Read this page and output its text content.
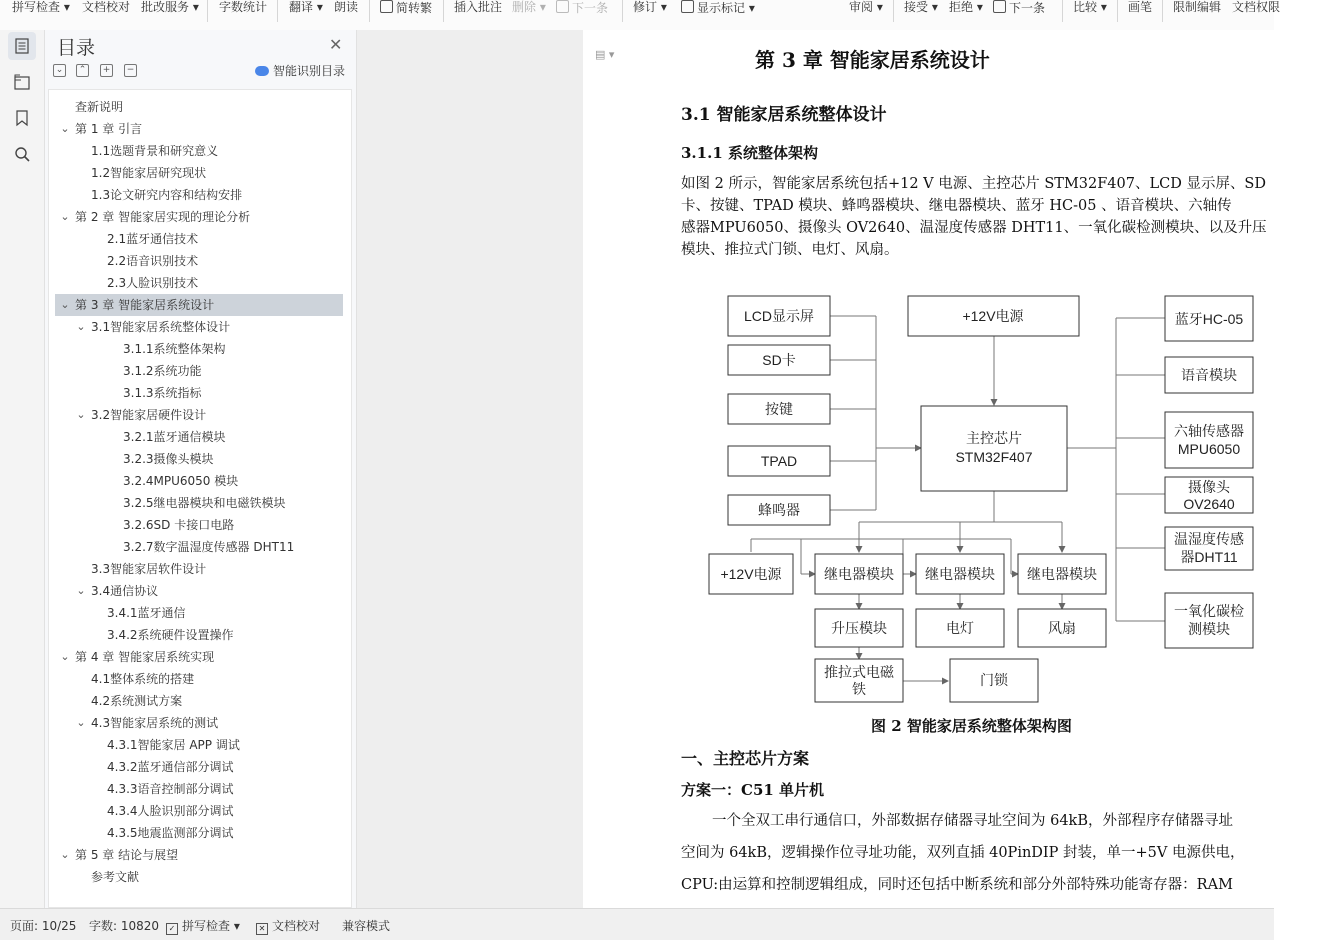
拼写检查 ▾ 文档校对 批改服务 ▾ 字数统计 翻译 ▾ 朗读	简转繁 插入批注 删除 ▾	下一条 修订 ▾	显示标记 ▾	审阅 ▾ 接受 ▾ 拒绝 ▾	下一条 比较 ▾ 画笔 限制编辑 文档权限
目录	✕
⌄	⌃	+	−	智能识别目录
查新说明
⌄ 第 1 章 引言
1.1选题背景和研究意义
1.2智能家居研究现状
1.3论文研究内容和结构安排
⌄ 第 2 章 智能家居实现的理论分析
2.1蓝牙通信技术
2.2语音识别技术
2.3人脸识别技术
⌄ 第 3 章 智能家居系统设计
⌄ 3.1智能家居系统整体设计
3.1.1系统整体架构
3.1.2系统功能
3.1.3系统指标
⌄ 3.2智能家居硬件设计
3.2.1蓝牙通信模块
3.2.3摄像头模块
3.2.4MPU6050 模块
3.2.5继电器模块和电磁铁模块
3.2.6SD 卡接口电路
3.2.7数字温湿度传感器 DHT11
3.3智能家居软件设计
⌄ 3.4通信协议
3.4.1蓝牙通信
3.4.2系统硬件设置操作
⌄ 第 4 章 智能家居系统实现
4.1整体系统的搭建
4.2系统测试方案
⌄ 4.3智能家居系统的测试
4.3.1智能家居 APP 调试
4.3.2蓝牙通信部分调试
4.3.3语音控制部分调试
4.3.4人脸识别部分调试
4.3.5地震监测部分调试
⌄ 第 5 章 结论与展望
参考文献
▤ ▾	第 3 章 智能家居系统设计
3.1 智能家居系统整体设计
3.1.1 系统整体架构
如图 2 所示，智能家居系统包括+12 V 电源、主控芯片 STM32F407、LCD 显示屏、SD
卡、按键、TPAD 模块、蜂鸣器模块、继电器模块、蓝牙 HC-05 、语音模块、六轴传
感器MPU6050、摄像头 OV2640、温湿度传感器 DHT11、一氧化碳检测模块、以及升压
模块、推拉式门锁、电灯、风扇。
LCD显示屏
SD卡
按键
TPAD
蜂鸣器
+12V电源
主控芯片
STM32F407
蓝牙HC-05
语音模块
六轴传感器
MPU6050
摄像头
OV2640
温湿度传感
器DHT11
一氧化碳检
测模块
+12V电源	继电器模块 继电器模块 继电器模块
升压模块	电灯	风扇
推拉式电磁
铁
门锁
图 2 智能家居系统整体架构图
一、主控芯片方案
方案一：C51 单片机
一个全双工串行通信口，外部数据存储器寻址空间为 64kB，外部程序存储器寻址
空间为 64kB，逻辑操作位寻址功能，双列直插 40PinDIP 封装，单一+5V 电源供电，
CPU:由运算和控制逻辑组成，同时还包括中断系统和部分外部特殊功能寄存器：RAM
页面: 10/25 字数: 10820	✓ 拼写检查 ▾	✕ 文档校对 兼容模式
